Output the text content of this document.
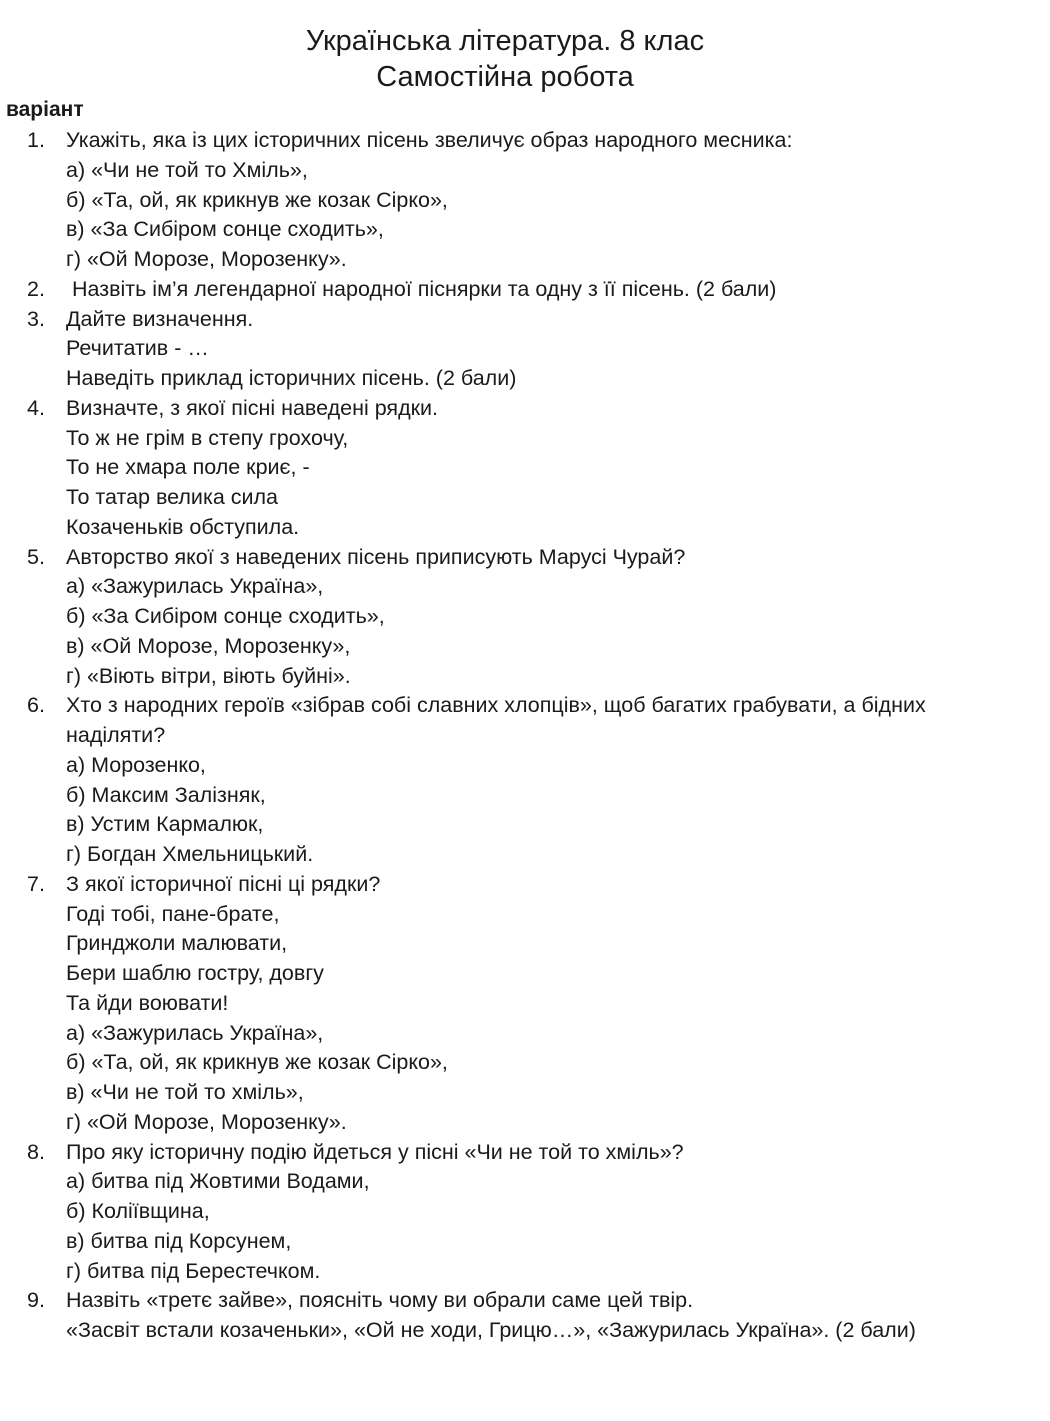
Українська література. 8 клас
Самостійна робота
варіант
1. Укажіть, яка із цих історичних пісень звеличує образ народного месника:
а) «Чи не той то Хміль»,
б) «Та, ой, як крикнув же козак Сірко»,
в) «За Сибіром сонце сходить»,
г) «Ой Морозе, Морозенку».
2. Назвіть ім’я легендарної народної піснярки та одну з її пісень. (2 бали)
3. Дайте визначення.
Речитатив - …
Наведіть приклад історичних пісень. (2 бали)
4. Визначте, з якої пісні наведені рядки.
То ж не грім в степу грохочу,
То не хмара поле криє, -
То татар велика сила
Козаченьків обступила.
5. Авторство якої з наведених пісень приписують Марусі Чурай?
а) «Зажурилась Україна»,
б) «За Сибіром сонце сходить»,
в) «Ой Морозе, Морозенку»,
г) «Віють вітри, віють буйні».
6. Хто з народних героїв «зібрав собі славних хлопців», щоб багатих грабувати, а бідних
наділяти?
а) Морозенко,
б) Максим Залізняк,
в) Устим Кармалюк,
г) Богдан Хмельницький.
7. З якої історичної пісні ці рядки?
Годі тобі, пане-брате,
Гринджоли малювати,
Бери шаблю гостру, довгу
Та йди воювати!
а) «Зажурилась Україна»,
б) «Та, ой, як крикнув же козак Сірко»,
в) «Чи не той то хміль»,
г) «Ой Морозе, Морозенку».
8. Про яку історичну подію йдеться у пісні «Чи не той то хміль»?
а) битва під Жовтими Водами,
б) Коліївщина,
в) битва під Корсунем,
г) битва під Берестечком.
9. Назвіть «третє зайве», поясніть чому ви обрали саме цей твір.
«Засвіт встали козаченьки», «Ой не ходи, Грицю…», «Зажурилась Україна». (2 бали)
